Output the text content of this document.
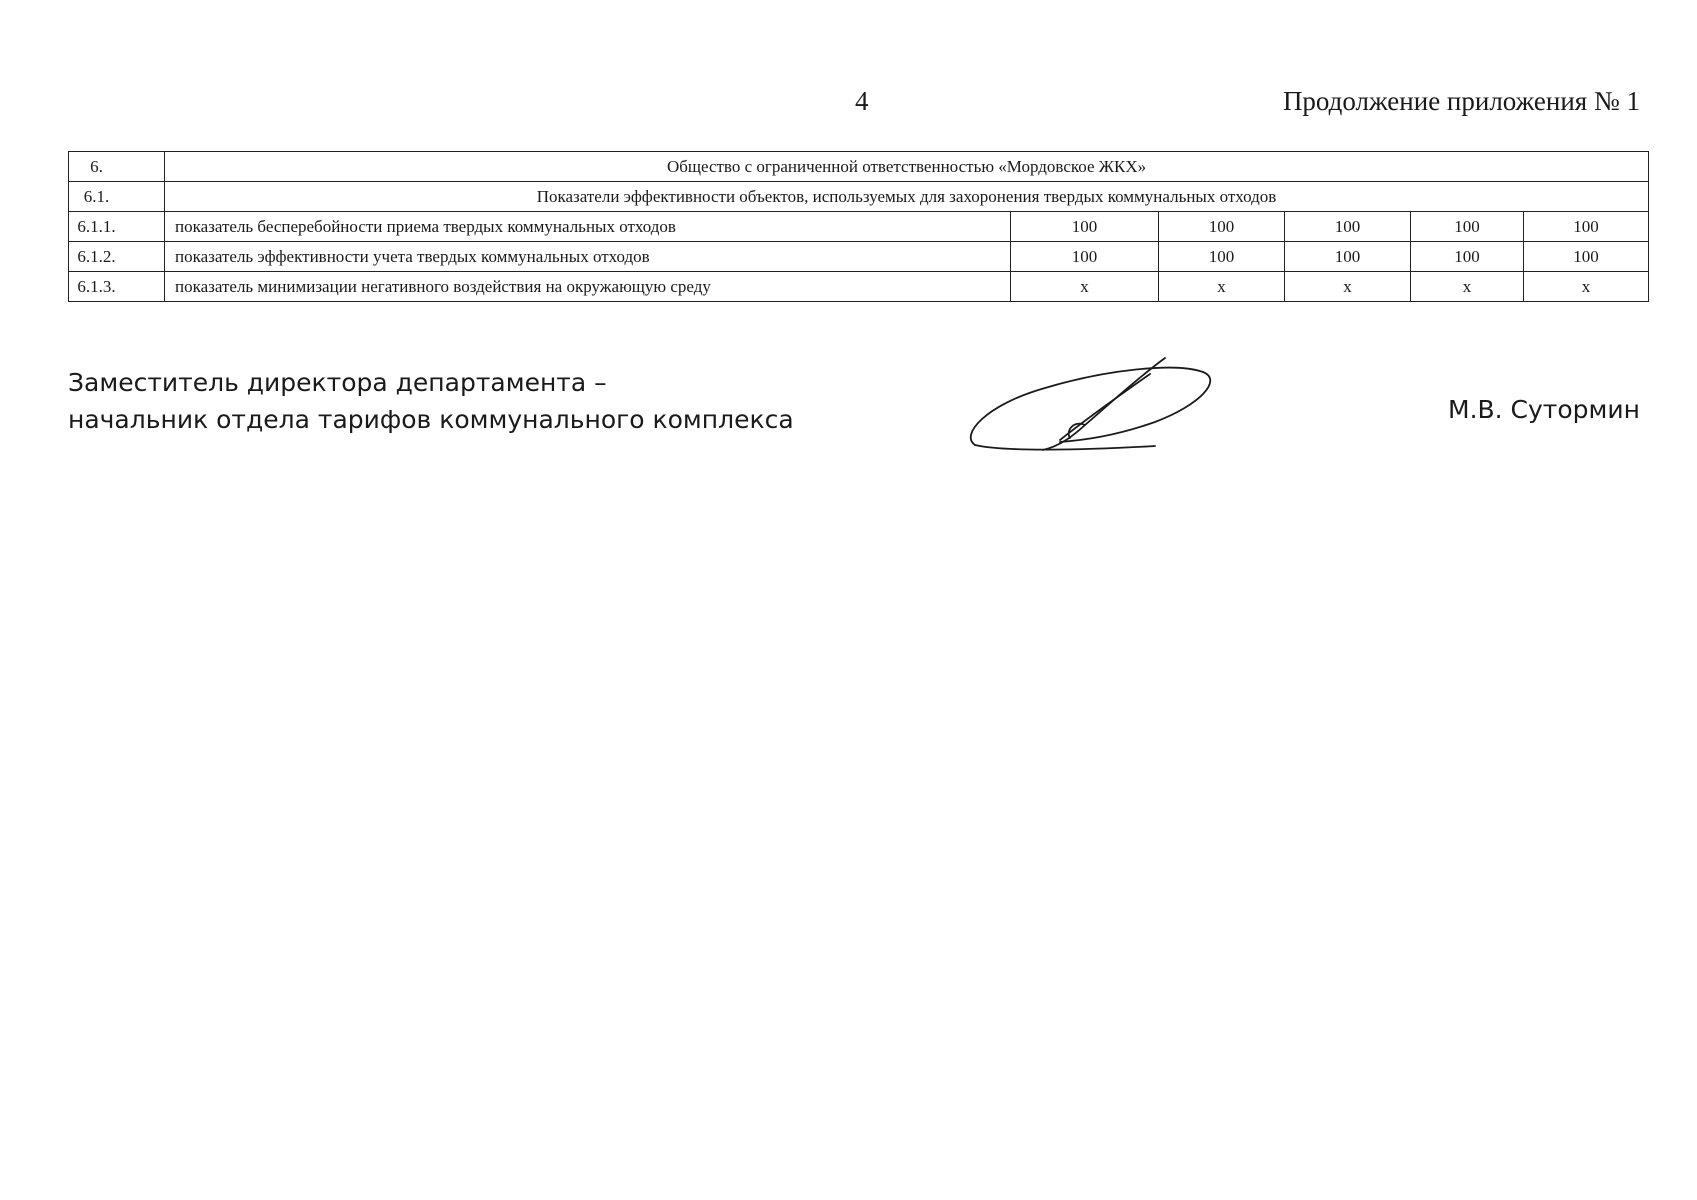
4	Продолжение приложения № 1
6.	Общество с ограниченной ответственностью «Мордовское ЖКХ»					
6.1.	Показатели эффективности объектов, используемых для захоронения твердых коммунальных отходов					
6.1.1.	показатель бесперебойности приема твердых коммунальных отходов	100	100	100	100	100
6.1.2.	показатель эффективности учета твердых коммунальных отходов	100	100	100	100	100
6.1.3.	показатель минимизации негативного воздействия на окружающую среду	х	х	х	х	х
Заместитель директора департамента –
начальник отдела тарифов коммунального комплекса	М.В. Сутормин
